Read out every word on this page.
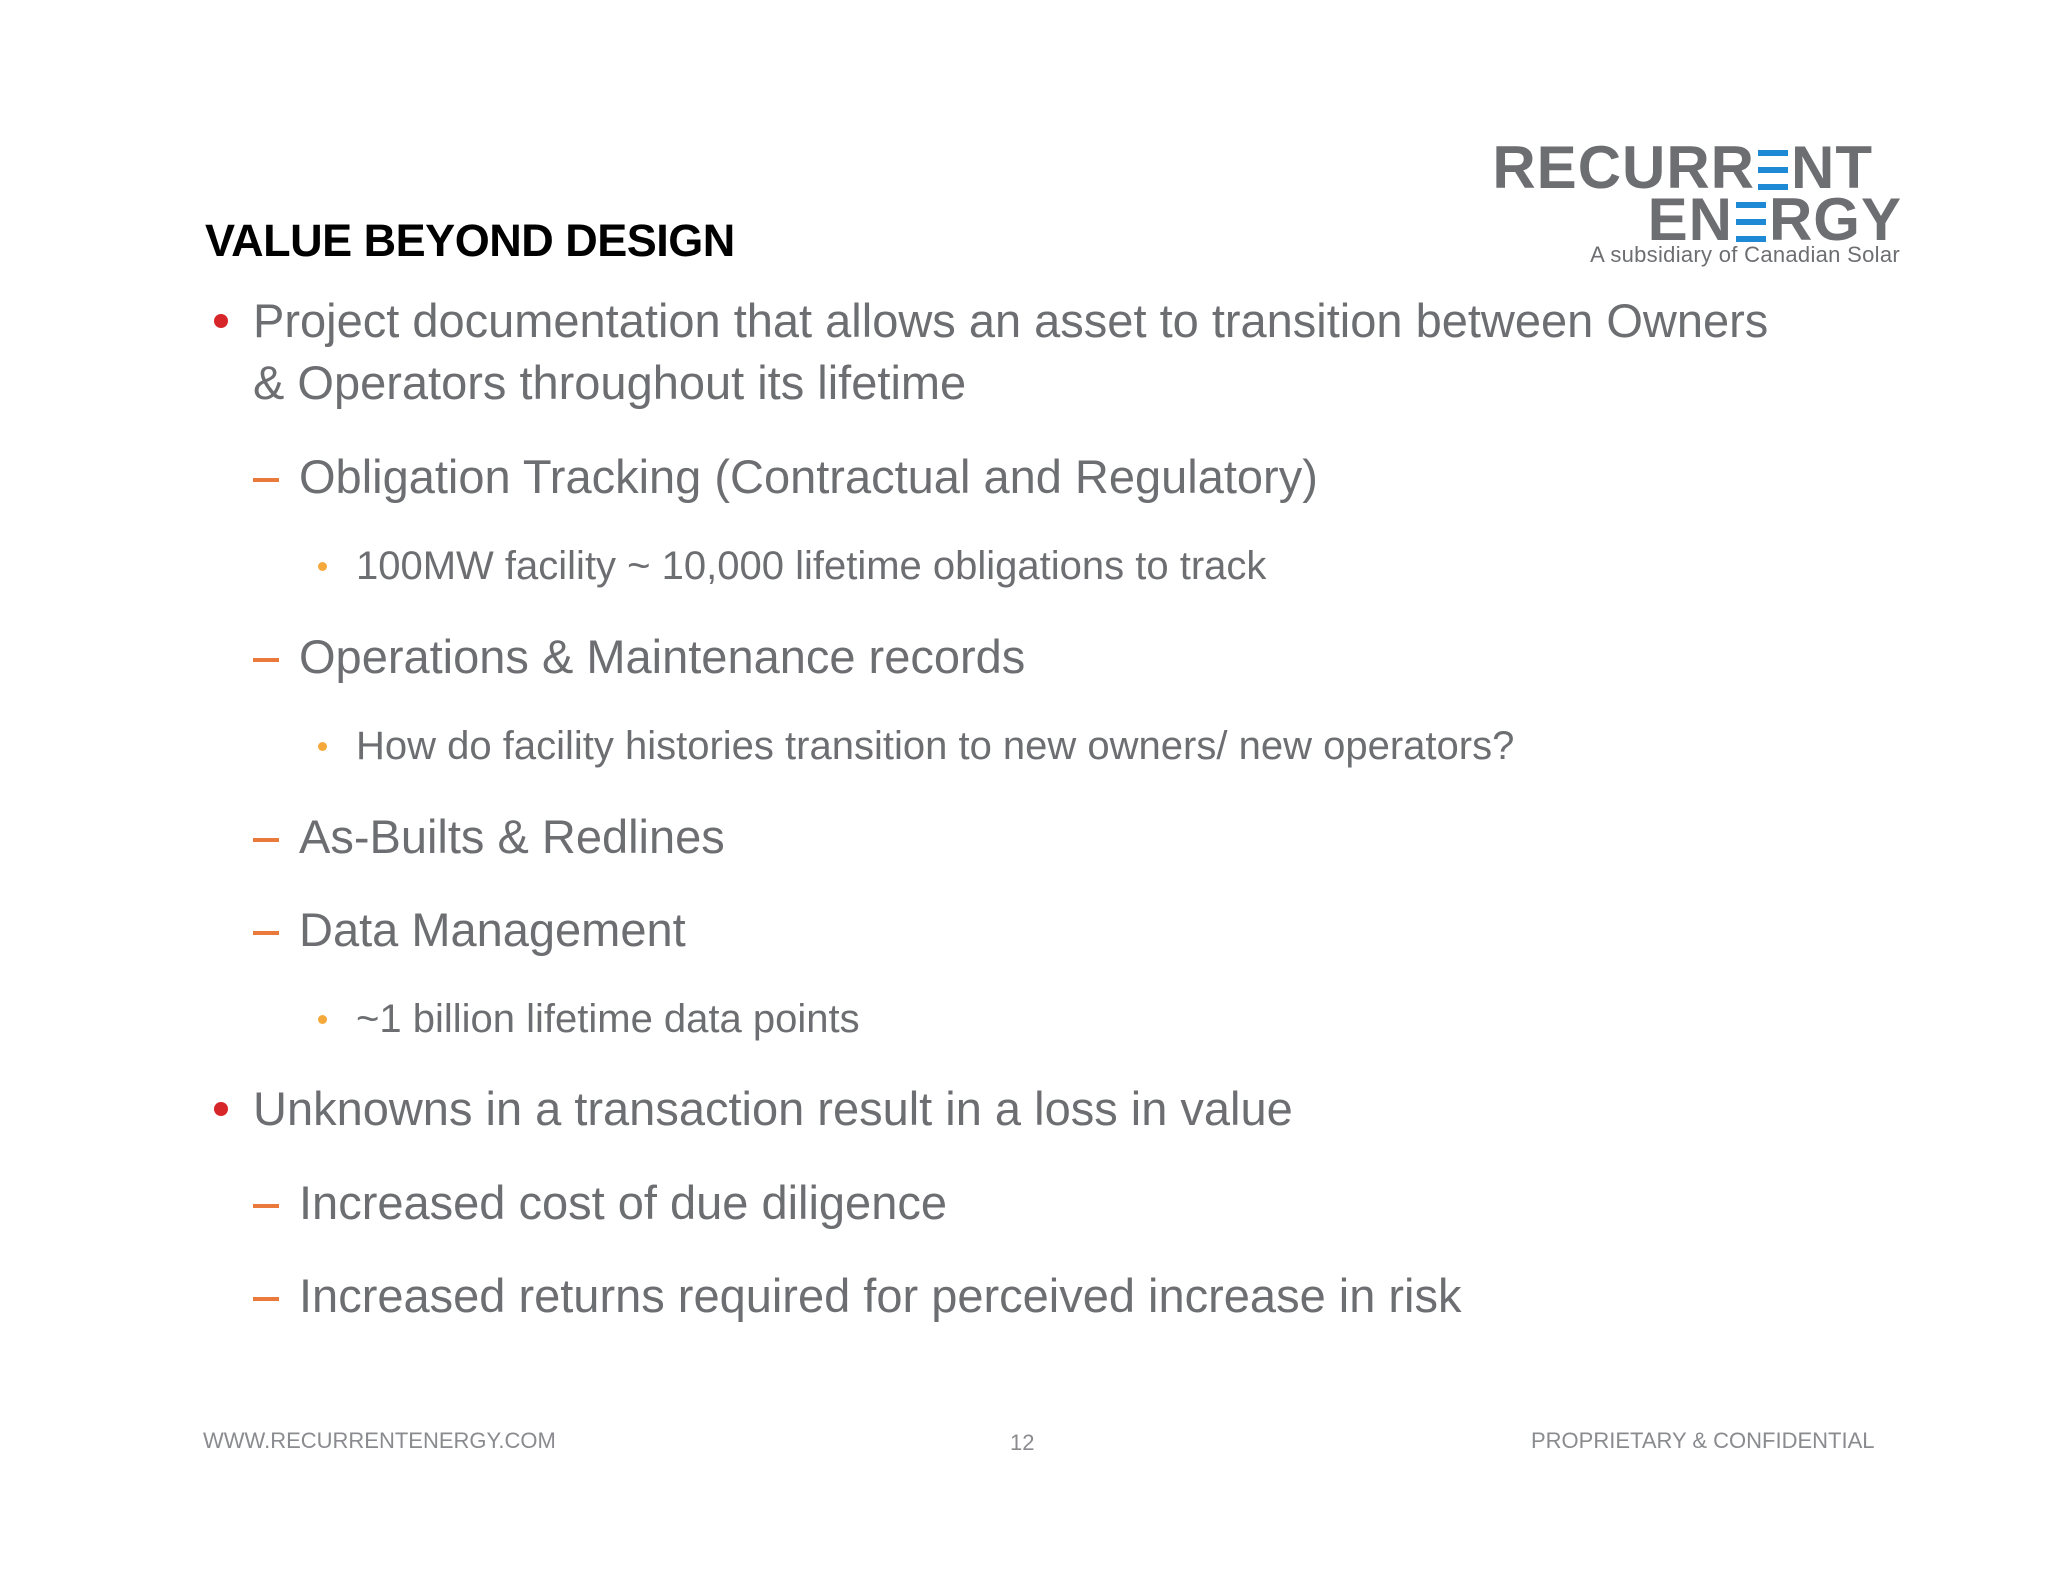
VALUE BEYOND DESIGN
RECURR NT
EN RGY
A subsidiary of Canadian Solar
Project documentation that allows an asset to transition between Owners
& Operators throughout its lifetime
Obligation Tracking (Contractual and Regulatory)
100MW facility ~ 10,000 lifetime obligations to track
Operations & Maintenance records
How do facility histories transition to new owners/ new operators?
As-Builts & Redlines
Data Management
~1 billion lifetime data points
Unknowns in a transaction result in a loss in value
Increased cost of due diligence
Increased returns required for perceived increase in risk
WWW.RECURRENTENERGY.COM	12	PROPRIETARY & CONFIDENTIAL
